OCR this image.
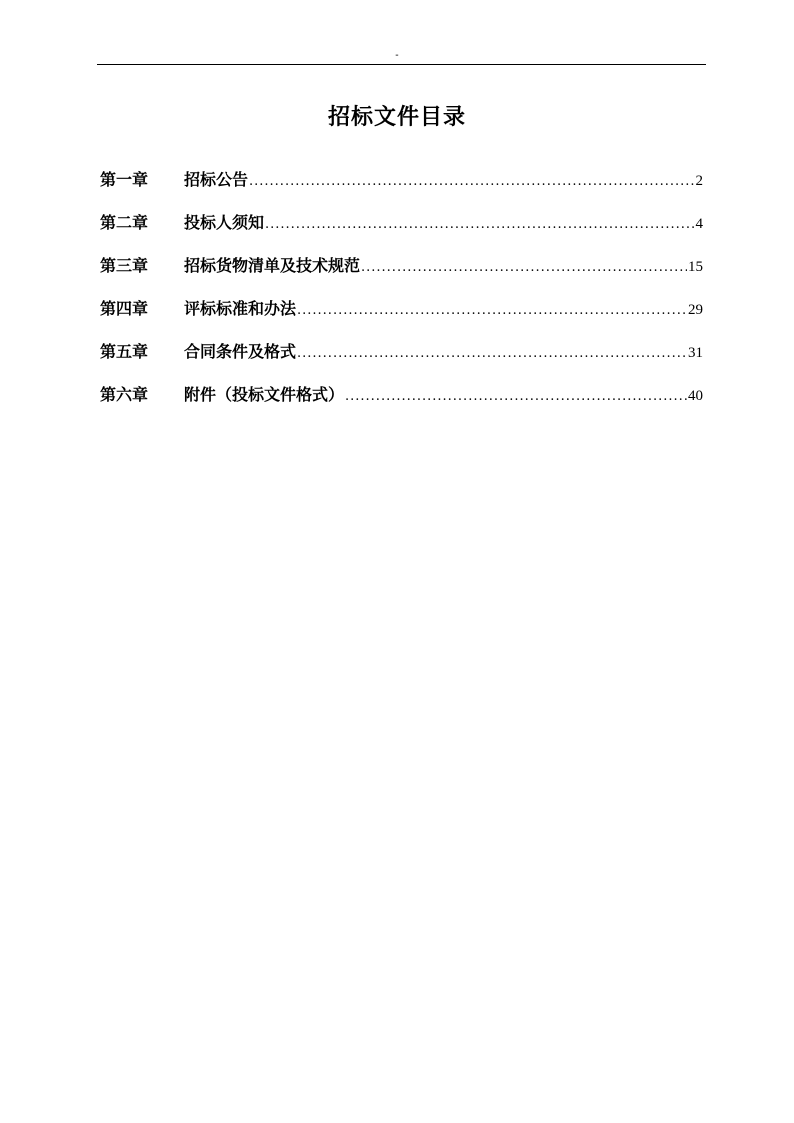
-
招标文件目录
第一章	招标公告 .....	2
第二章	投标人须知 .....	4
第三章	招标货物清单及技术规范 .....	15
第四章	评标标准和办法 .....	29
第五章	合同条件及格式 .....	31
第六章	附件（投标文件格式） .....	40
